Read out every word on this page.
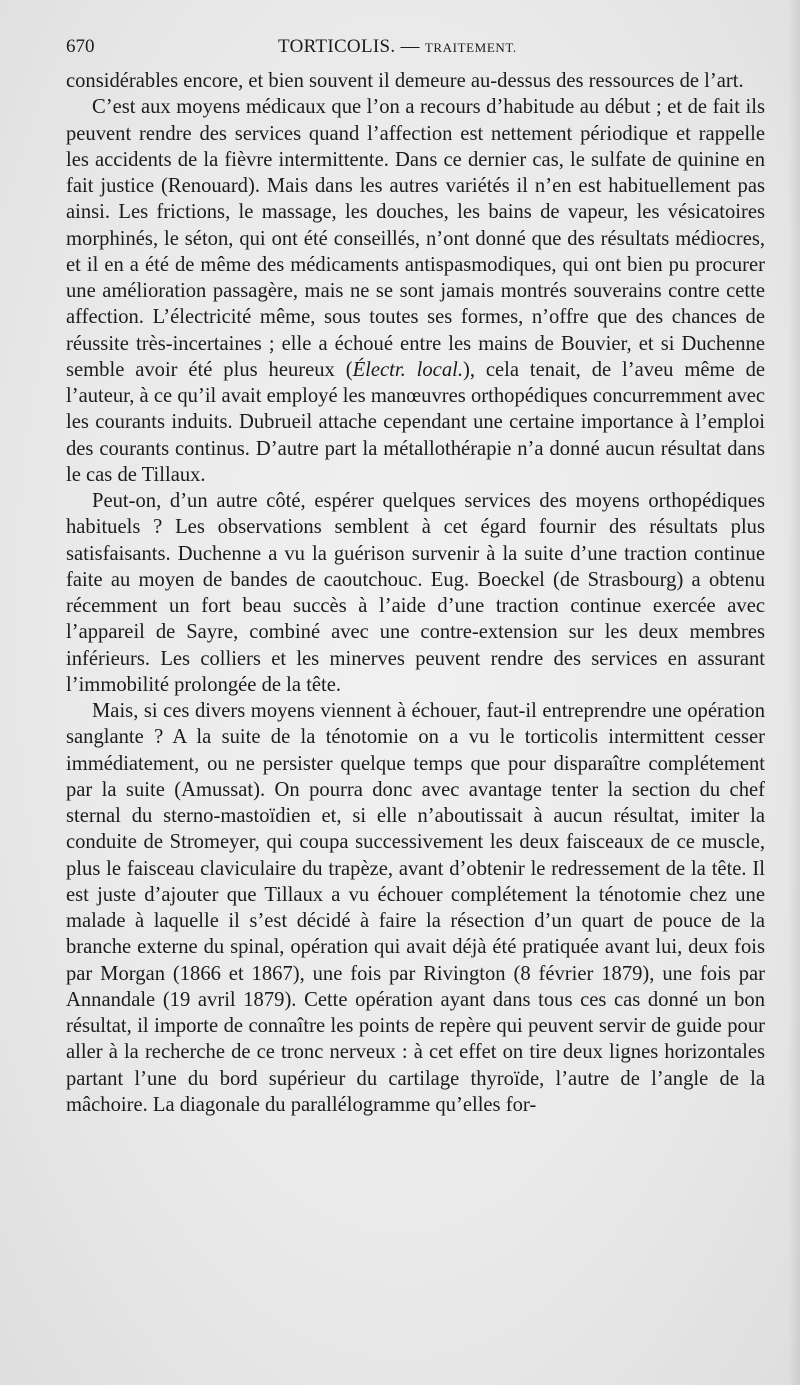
670	TORTICOLIS. — TRAITEMENT.

considérables encore, et bien souvent il demeure au-dessus des ressources de l’art.

C’est aux moyens médicaux que l’on a recours d’habitude au début ; et de fait ils peuvent rendre des services quand l’affection est nettement périodique et rappelle les accidents de la fièvre intermittente. Dans ce dernier cas, le sulfate de quinine en fait justice (Renouard). Mais dans les autres variétés il n’en est habituellement pas ainsi. Les frictions, le massage, les douches, les bains de vapeur, les vésicatoires morphinés, le séton, qui ont été conseillés, n’ont donné que des résultats médiocres, et il en a été de même des médicaments antispasmodiques, qui ont bien pu procurer une amélioration passagère, mais ne se sont jamais montrés souverains contre cette affection. L’électricité même, sous toutes ses formes, n’offre que des chances de réussite très-incertaines ; elle a échoué entre les mains de Bouvier, et si Duchenne semble avoir été plus heureux (Électr. local.), cela tenait, de l’aveu même de l’auteur, à ce qu’il avait employé les manœuvres orthopédiques concurremment avec les courants induits. Dubrueil attache cependant une certaine importance à l’emploi des courants continus. D’autre part la métallothérapie n’a donné aucun résultat dans le cas de Tillaux.

Peut-on, d’un autre côté, espérer quelques services des moyens orthopédiques habituels ? Les observations semblent à cet égard fournir des résultats plus satisfaisants. Duchenne a vu la guérison survenir à la suite d’une traction continue faite au moyen de bandes de caoutchouc. Eug. Boeckel (de Strasbourg) a obtenu récemment un fort beau succès à l’aide d’une traction continue exercée avec l’appareil de Sayre, combiné avec une contre-extension sur les deux membres inférieurs. Les colliers et les minerves peuvent rendre des services en assurant l’immobilité prolongée de la tête.

Mais, si ces divers moyens viennent à échouer, faut-il entreprendre une opération sanglante ? A la suite de la ténotomie on a vu le torticolis intermittent cesser immédiatement, ou ne persister quelque temps que pour disparaître complétement par la suite (Amussat). On pourra donc avec avantage tenter la section du chef sternal du sterno-mastoïdien et, si elle n’aboutissait à aucun résultat, imiter la conduite de Stromeyer, qui coupa successivement les deux faisceaux de ce muscle, plus le faisceau claviculaire du trapèze, avant d’obtenir le redressement de la tête. Il est juste d’ajouter que Tillaux a vu échouer complétement la ténotomie chez une malade à laquelle il s’est décidé à faire la résection d’un quart de pouce de la branche externe du spinal, opération qui avait déjà été pratiquée avant lui, deux fois par Morgan (1866 et 1867), une fois par Rivington (8 février 1879), une fois par Annandale (19 avril 1879). Cette opération ayant dans tous ces cas donné un bon résultat, il importe de connaître les points de repère qui peuvent servir de guide pour aller à la recherche de ce tronc nerveux : à cet effet on tire deux lignes horizontales partant l’une du bord supérieur du cartilage thyroïde, l’autre de l’angle de la mâchoire. La diagonale du parallélogramme qu’elles for-
